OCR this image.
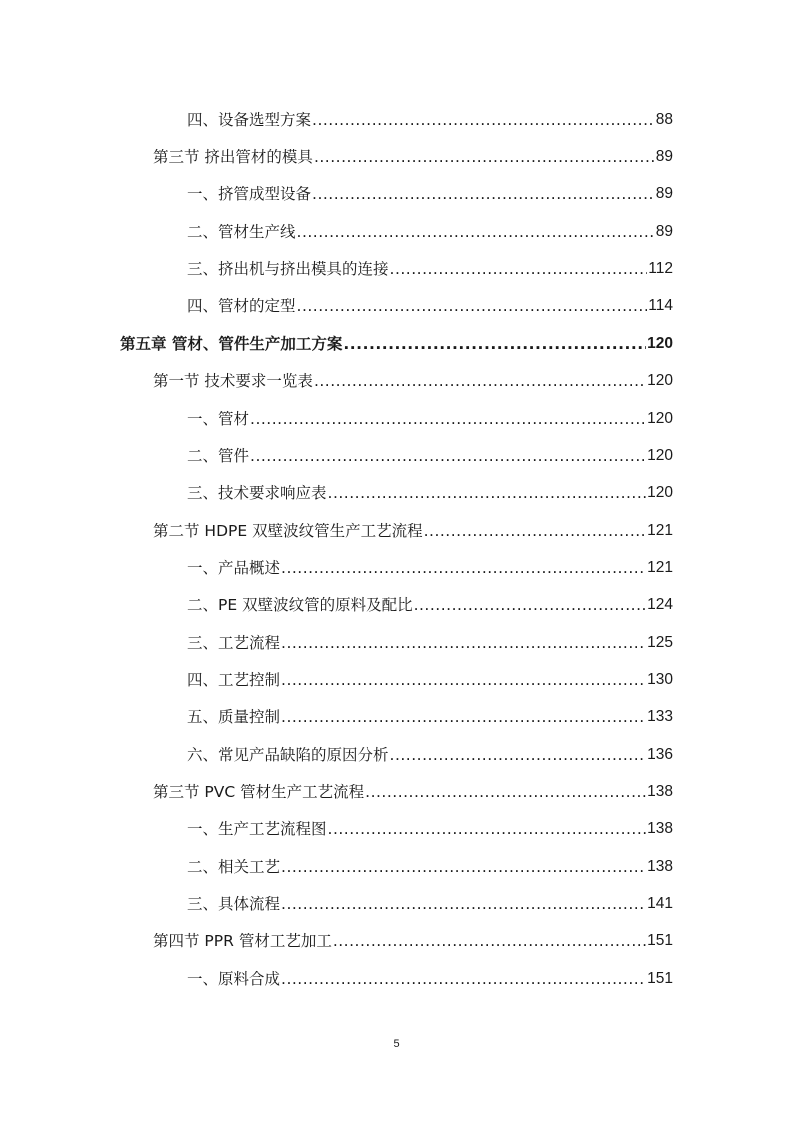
四、设备选型方案 .....	88
第三节 挤出管材的模具 .....	89
一、挤管成型设备 .....	89
二、管材生产线 .....	89
三、挤出机与挤出模具的连接 .....	112
四、管材的定型 .....	114
第五章 管材、管件生产加工方案 .....	120
第一节 技术要求一览表 .....	120
一、管材 .....	120
二、管件 .....	120
三、技术要求响应表 .....	120
第二节 HDPE 双壁波纹管生产工艺流程 .....	121
一、产品概述 .....	121
二、PE 双壁波纹管的原料及配比 .....	124
三、工艺流程 .....	125
四、工艺控制 .....	130
五、质量控制 .....	133
六、常见产品缺陷的原因分析 .....	136
第三节 PVC 管材生产工艺流程 .....	138
一、生产工艺流程图 .....	138
二、相关工艺 .....	138
三、具体流程 .....	141
第四节 PPR 管材工艺加工 .....	151
一、原料合成 .....	151
5
